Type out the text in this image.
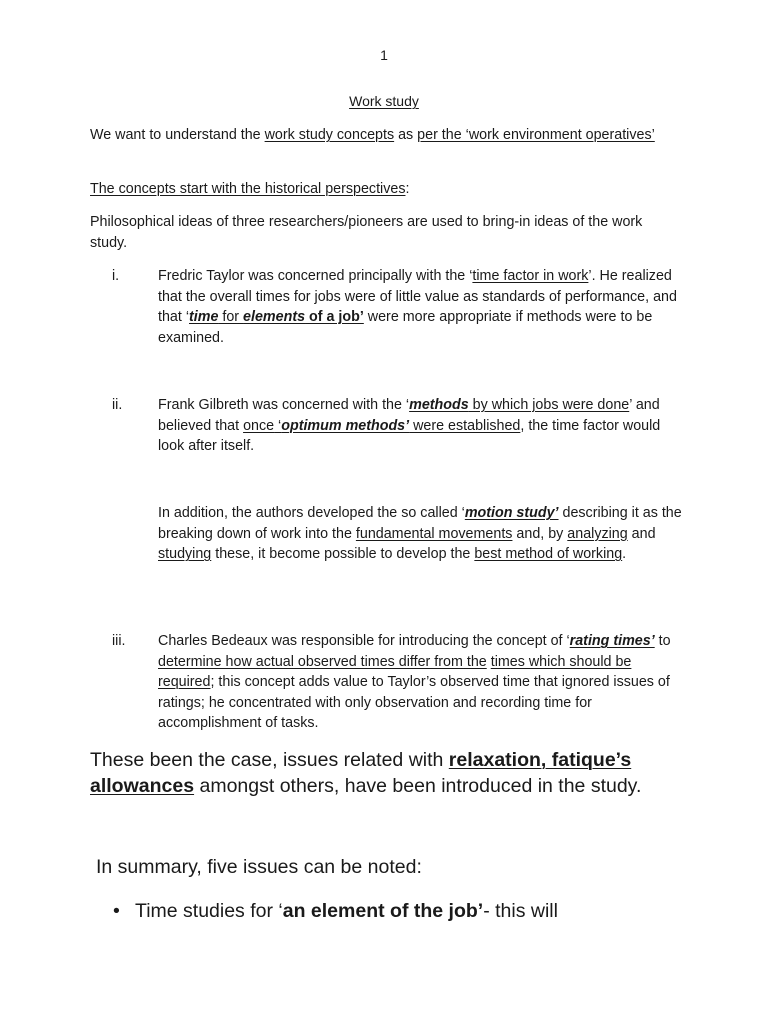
1
Work study

We want to understand the work study concepts as per the ‘work environment operatives’

The concepts start with the historical perspectives:

Philosophical ideas of three researchers/pioneers are used to bring-in ideas of the work study.

i.	Fredric Taylor was concerned principally with the ‘time factor in work’. He realized that the overall times for jobs were of little value as standards of performance, and that ‘time for elements of a job’ were more appropriate if methods were to be examined.
ii.	Frank Gilbreth was concerned with the ‘methods by which jobs were done’ and believed that once ‘optimum methods’ were established, the time factor would look after itself.
In addition, the authors developed the so called ‘motion study’ describing it as the breaking down of work into the fundamental movements and, by analyzing and studying these, it become possible to develop the best method of working.
iii.	Charles Bedeaux was responsible for introducing the concept of ‘rating times’ to determine how actual observed times differ from the times which should be required; this concept adds value to Taylor’s observed time that ignored issues of ratings; he concentrated with only observation and recording time for accomplishment of tasks.

These been the case, issues related with relaxation, fatique’s allowances amongst others, have been introduced in the study.

In summary, five issues can be noted:

• Time studies for ‘an element of the job’- this will
